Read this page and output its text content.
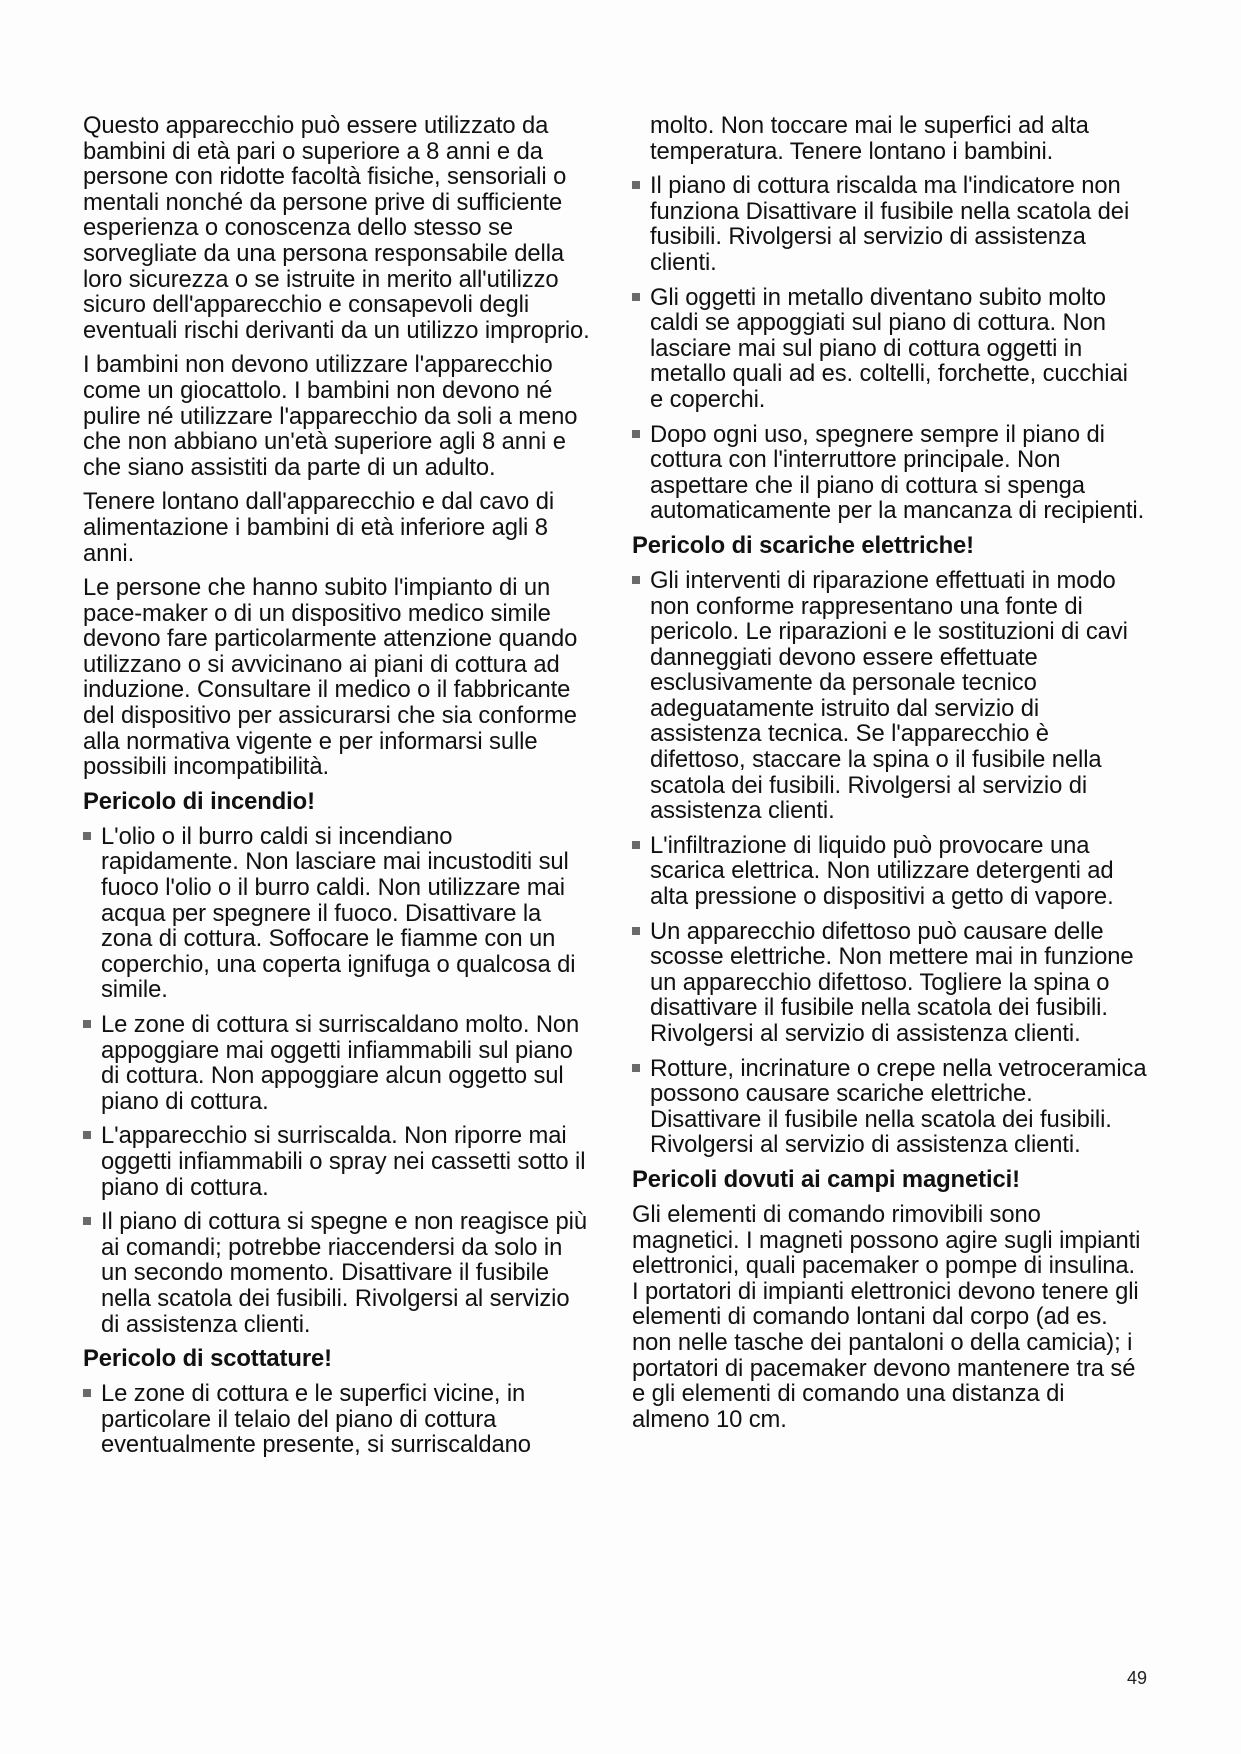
Questo apparecchio può essere utilizzato da bambini di età pari o superiore a 8 anni e da persone con ridotte facoltà fisiche, sensoriali o mentali nonché da persone prive di sufficiente esperienza o conoscenza dello stesso se sorvegliate da una persona responsabile della loro sicurezza o se istruite in merito all'utilizzo sicuro dell'apparecchio e consapevoli degli eventuali rischi derivanti da un utilizzo improprio.

I bambini non devono utilizzare l'apparecchio come un giocattolo. I bambini non devono né pulire né utilizzare l'apparecchio da soli a meno che non abbiano un'età superiore agli 8 anni e che siano assistiti da parte di un adulto.

Tenere lontano dall'apparecchio e dal cavo di alimentazione i bambini di età inferiore agli 8 anni.

Le persone che hanno subito l'impianto di un pace-maker o di un dispositivo medico simile devono fare particolarmente attenzione quando utilizzano o si avvicinano ai piani di cottura ad induzione. Consultare il medico o il fabbricante del dispositivo per assicurarsi che sia conforme alla normativa vigente e per informarsi sulle possibili incompatibilità.

Pericolo di incendio!
L'olio o il burro caldi si incendiano rapidamente. Non lasciare mai incustoditi sul fuoco l'olio o il burro caldi. Non utilizzare mai acqua per spegnere il fuoco. Disattivare la zona di cottura. Soffocare le fiamme con un coperchio, una coperta ignifuga o qualcosa di simile.
Le zone di cottura si surriscaldano molto. Non appoggiare mai oggetti infiammabili sul piano di cottura. Non appoggiare alcun oggetto sul piano di cottura.
L'apparecchio si surriscalda. Non riporre mai oggetti infiammabili o spray nei cassetti sotto il piano di cottura.
Il piano di cottura si spegne e non reagisce più ai comandi; potrebbe riaccendersi da solo in un secondo momento. Disattivare il fusibile nella scatola dei fusibili. Rivolgersi al servizio di assistenza clienti.
Pericolo di scottature!
Le zone di cottura e le superfici vicine, in particolare il telaio del piano di cottura eventualmente presente, si surriscaldano

molto. Non toccare mai le superfici ad alta temperatura. Tenere lontano i bambini.

Il piano di cottura riscalda ma l'indicatore non funziona Disattivare il fusibile nella scatola dei fusibili. Rivolgersi al servizio di assistenza clienti.
Gli oggetti in metallo diventano subito molto caldi se appoggiati sul piano di cottura. Non lasciare mai sul piano di cottura oggetti in metallo quali ad es. coltelli, forchette, cucchiai e coperchi.
Dopo ogni uso, spegnere sempre il piano di cottura con l'interruttore principale. Non aspettare che il piano di cottura si spenga automaticamente per la mancanza di recipienti.
Pericolo di scariche elettriche!
Gli interventi di riparazione effettuati in modo non conforme rappresentano una fonte di pericolo. Le riparazioni e le sostituzioni di cavi danneggiati devono essere effettuate esclusivamente da personale tecnico adeguatamente istruito dal servizio di assistenza tecnica. Se l'apparecchio è difettoso, staccare la spina o il fusibile nella scatola dei fusibili. Rivolgersi al servizio di assistenza clienti.
L'infiltrazione di liquido può provocare una scarica elettrica. Non utilizzare detergenti ad alta pressione o dispositivi a getto di vapore.
Un apparecchio difettoso può causare delle scosse elettriche. Non mettere mai in funzione un apparecchio difettoso. Togliere la spina o disattivare il fusibile nella scatola dei fusibili. Rivolgersi al servizio di assistenza clienti.
Rotture, incrinature o crepe nella vetroceramica possono causare scariche elettriche. Disattivare il fusibile nella scatola dei fusibili. Rivolgersi al servizio di assistenza clienti.
Pericoli dovuti ai campi magnetici!

Gli elementi di comando rimovibili sono magnetici. I magneti possono agire sugli impianti elettronici, quali pacemaker o pompe di insulina. I portatori di impianti elettronici devono tenere gli elementi di comando lontani dal corpo (ad es. non nelle tasche dei pantaloni o della camicia); i portatori di pacemaker devono mantenere tra sé e gli elementi di comando una distanza di almeno 10 cm.

49
